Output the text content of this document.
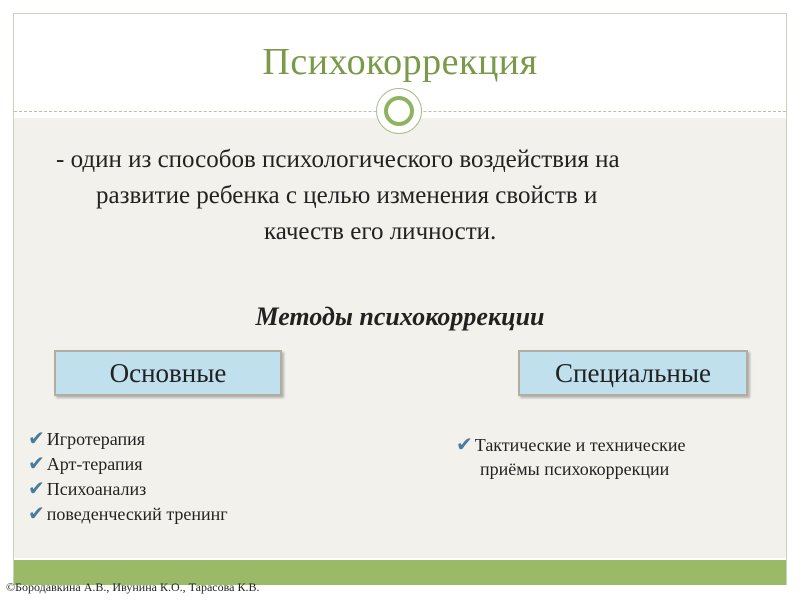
Психокоррекция
- один из способов психологического воздействия на
развитие ребенка с целью изменения свойств и
качеств его личности.
Методы психокоррекции
Основные	Специальные
✔ Игротерапия
✔ Арт-терапия
✔ Психоанализ
✔ поведенческий тренинг
✔ Тактические и технические
приёмы психокоррекции
©Бородавкина А.В., Ивунина К.О., Тарасова К.В.
